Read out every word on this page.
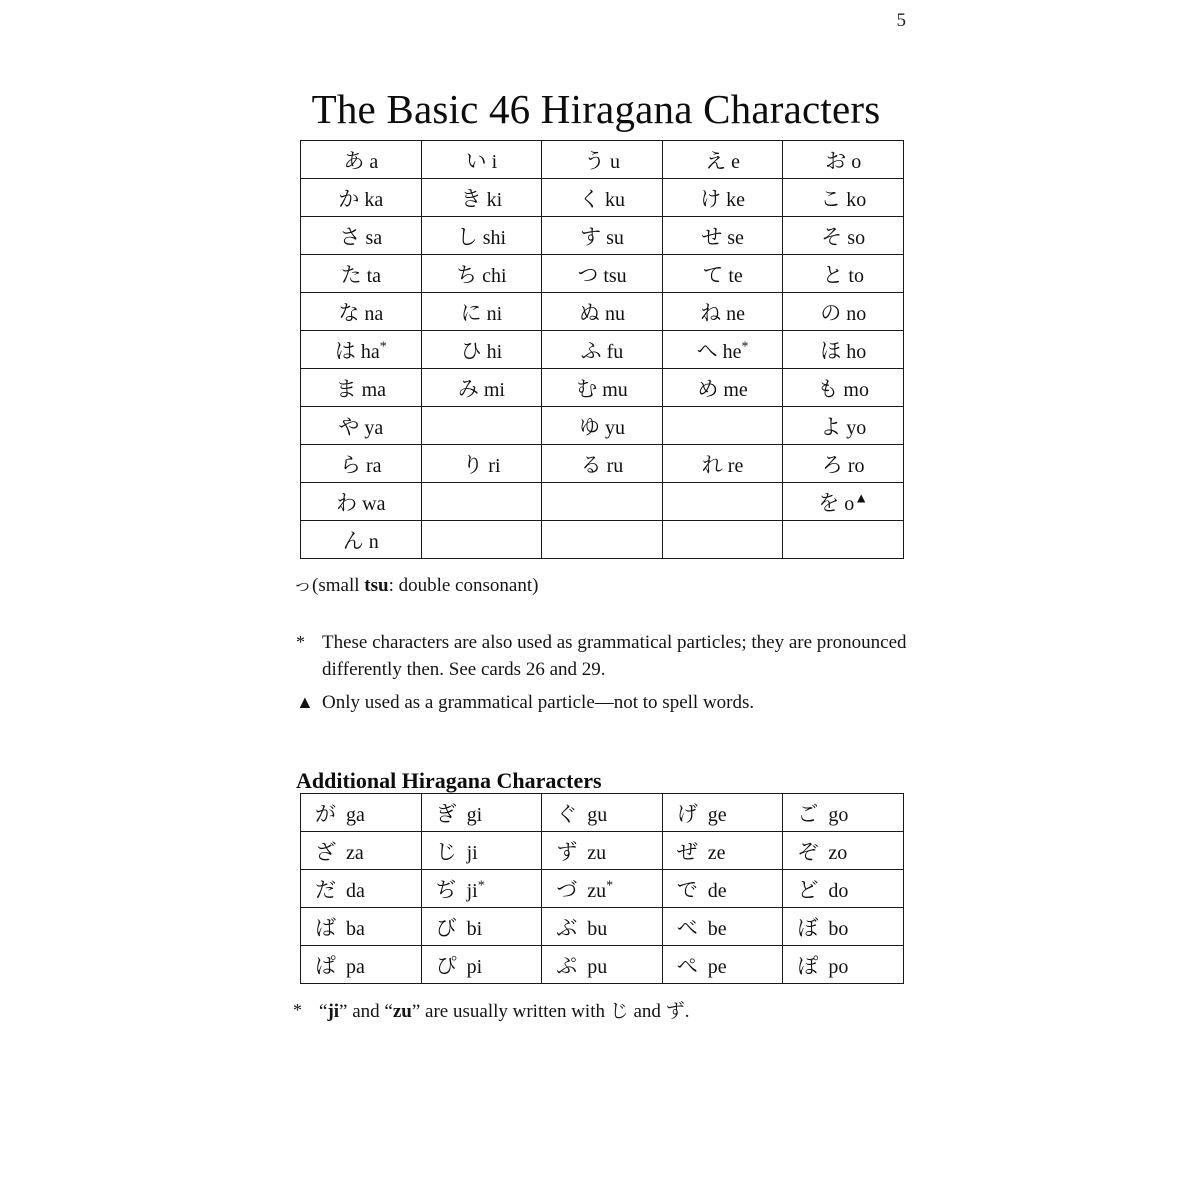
5
The Basic 46 Hiragana Characters
あ a	い i	う u	え e	お o
か ka	き ki	く ku	け ke	こ ko
さ sa	し shi	す su	せ se	そ so
た ta	ち chi	つ tsu	て te	と to
な na	に ni	ぬ nu	ね ne	の no
は ha*	ひ hi	ふ fu	へ he*	ほ ho
ま ma	み mi	む mu	め me	も mo
や ya		ゆ yu		よ yo
ら ra	り ri	る ru	れ re	ろ ro
わ wa				を o▲
ん n				
っ(small tsu: double consonant)
* These characters are also used as grammatical particles; they are pronounced differently then. See cards 26 and 29.
▲ Only used as a grammatical particle—not to spell words.
Additional Hiragana Characters
が ga	ぎ gi	ぐ gu	げ ge	ご go
ざ za	じ ji	ず zu	ぜ ze	ぞ zo
だ da	ぢ ji*	づ zu*	で de	ど do
ば ba	び bi	ぶ bu	べ be	ぼ bo
ぱ pa	ぴ pi	ぷ pu	ぺ pe	ぽ po
* “ji” and “zu” are usually written with じ and ず.
